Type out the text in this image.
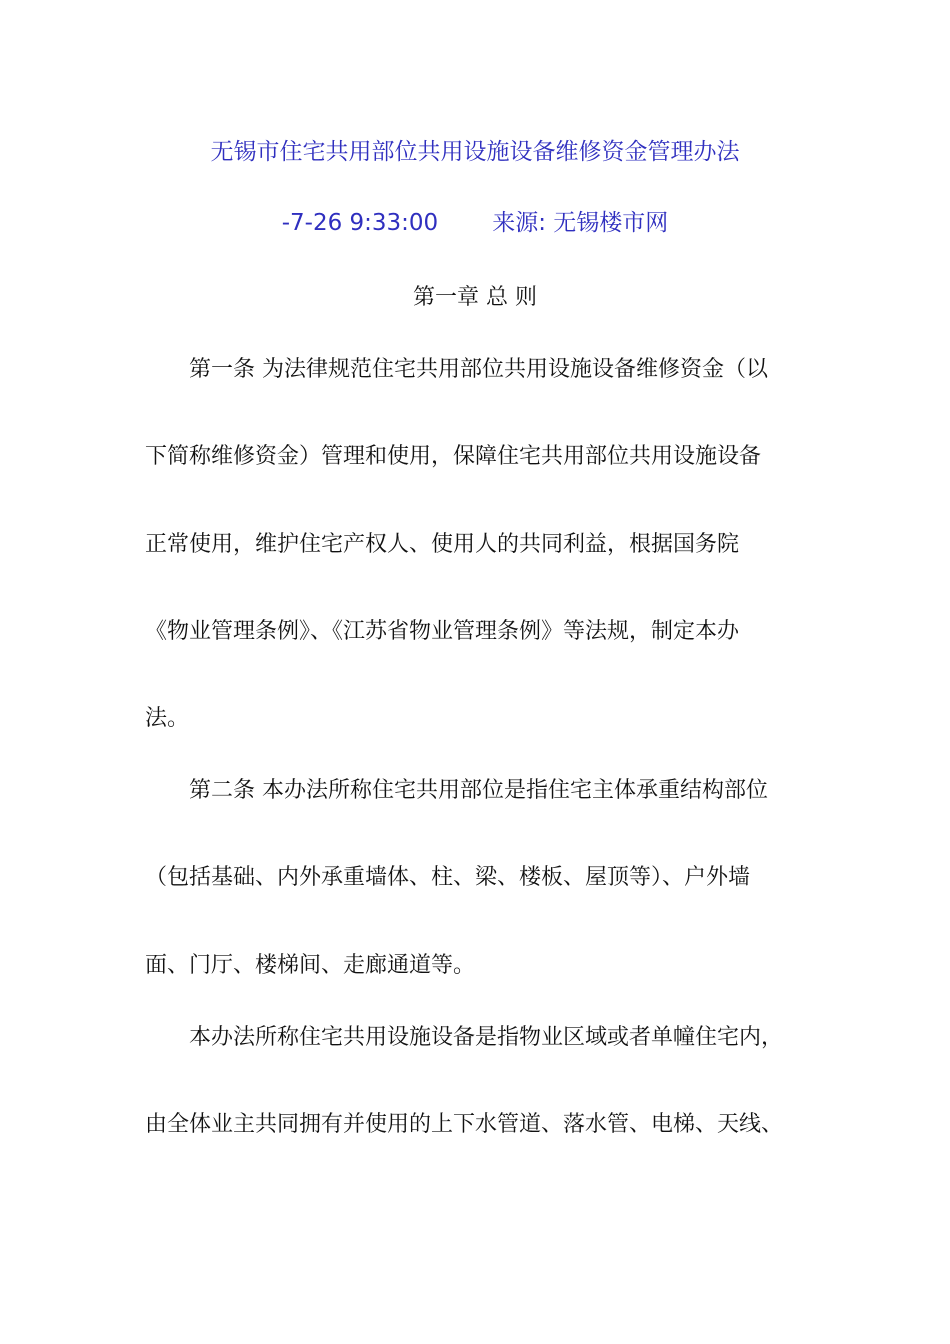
无锡市住宅共用部位共用设施设备维修资金管理办法
-7-26 9:33:00 来源: 无锡楼市网
第一章 总 则
第一条 为法律规范住宅共用部位共用设施设备维修资金（以
下简称维修资金）管理和使用，保障住宅共用部位共用设施设备
正常使用，维护住宅产权人、使用人的共同利益，根据国务院
《物业管理条例》、《江苏省物业管理条例》等法规，制定本办
法。
第二条 本办法所称住宅共用部位是指住宅主体承重结构部位
（包括基础、内外承重墙体、柱、梁、楼板、屋顶等）、户外墙
面、门厅、楼梯间、走廊通道等。
本办法所称住宅共用设施设备是指物业区域或者单幢住宅内，
由全体业主共同拥有并使用的上下水管道、落水管、电梯、天线、
